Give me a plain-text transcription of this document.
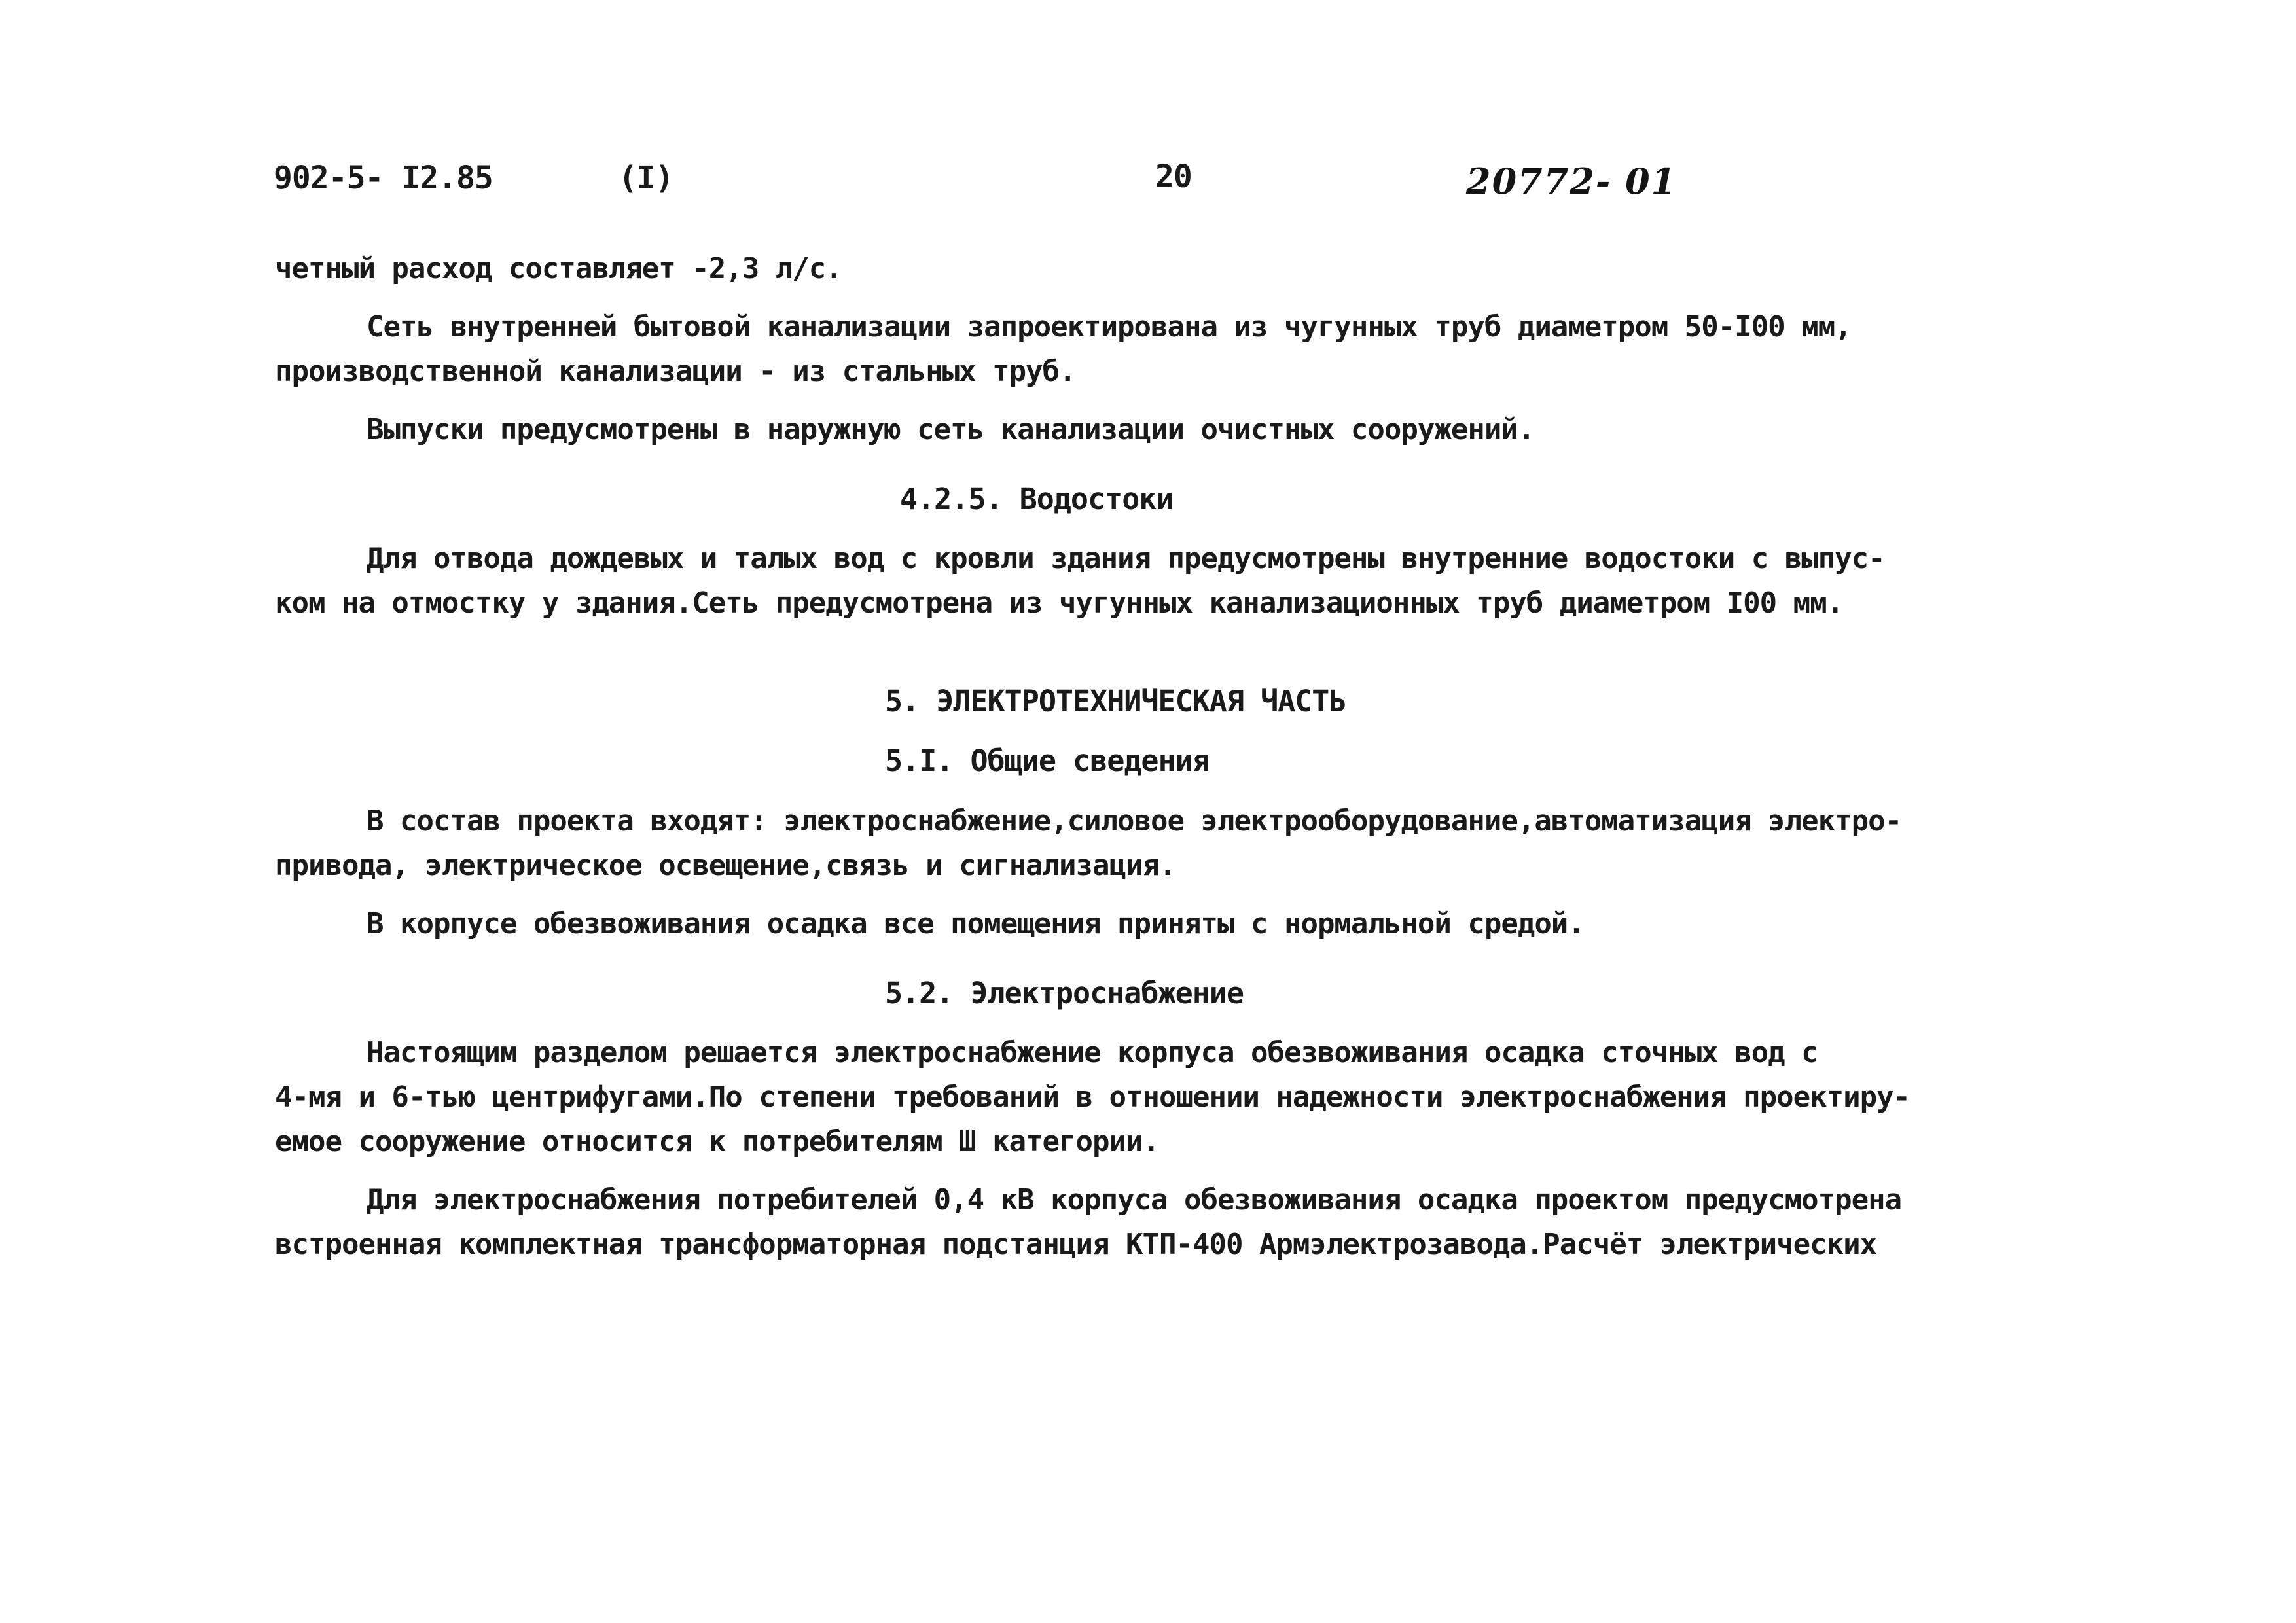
902-5- I2.85	(I)	20	20772- 01
четный расход составляет -2,3 л/с.
Сеть внутренней бытовой канализации запроектирована из чугунных труб диаметром 50-I00 мм,
производственной канализации - из стальных труб.
Выпуски предусмотрены в наружную сеть канализации очистных сооружений.
4.2.5. Водостоки
Для отвода дождевых и талых вод с кровли здания предусмотрены внутренние водостоки с выпус-
ком на отмостку у здания.Сеть предусмотрена из чугунных канализационных труб диаметром I00 мм.
5. ЭЛЕКТРОТЕХНИЧЕСКАЯ ЧАСТЬ
5.I. Общие сведения
В состав проекта входят: электроснабжение,силовое электрооборудование,автоматизация электро-
привода, электрическое освещение,связь и сигнализация.
В корпусе обезвоживания осадка все помещения приняты с нормальной средой.
5.2. Электроснабжение
Настоящим разделом решается электроснабжение корпуса обезвоживания осадка сточных вод с
4-мя и 6-тью центрифугами.По степени требований в отношении надежности электроснабжения проектиру-
емое сооружение относится к потребителям Ш категории.
Для электроснабжения потребителей 0,4 кВ корпуса обезвоживания осадка проектом предусмотрена
встроенная комплектная трансформаторная подстанция КТП-400 Армэлектрозавода.Расчёт электрических
